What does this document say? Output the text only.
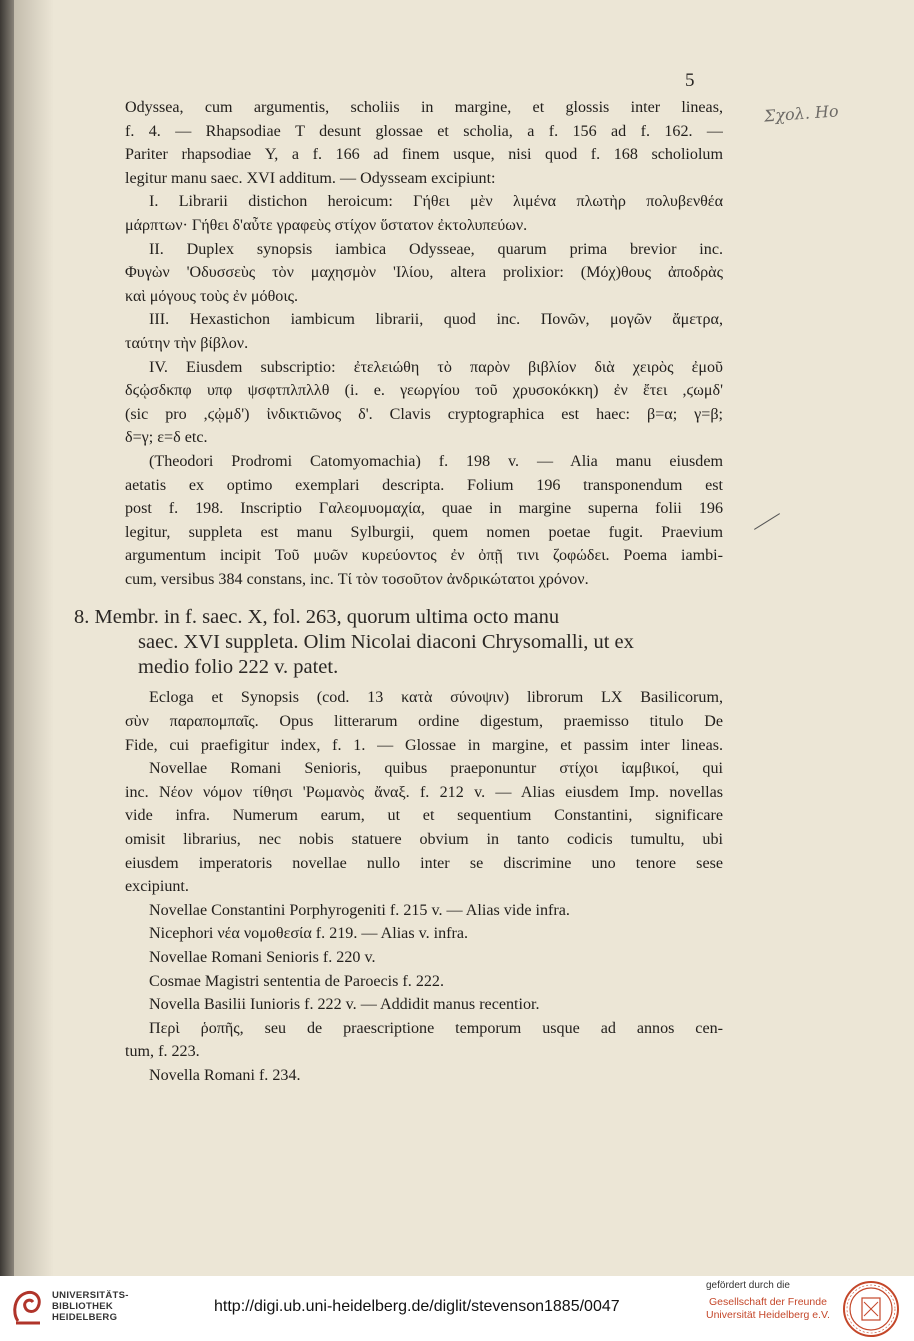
5
Σχολ. Ηο
Odyssea, cum argumentis, scholiis in margine, et glossis inter lineas,
f. 4. — Rhapsodiae Τ desunt glossae et scholia, a f. 156 ad f. 162. —
Pariter rhapsodiae Υ, a f. 166 ad finem usque, nisi quod f. 168 scholiolum
legitur manu saec. XVI additum. — Odysseam excipiunt:
I. Librarii distichon heroicum: Γήθει μὲν λιμένα πλωτὴρ πολυβενθέα
μάρπτων· Γήθει δ'αὖτε γραφεὺς στίχον ὕστατον ἐκτολυπεύων.
II. Duplex synopsis iambica Odysseae, quarum prima brevior inc.
Φυγὼν 'Οδυσσεὺς τὸν μαχησμὸν 'Ιλίου, altera prolixior: (Μόχ)θους ἀποδρὰς
καὶ μόγους τοὺς ἐν μόθοις.
III. Hexastichon iambicum librarii, quod inc. Πονῶν, μογῶν ἄμετρα,
ταύτην τὴν βίβλον.
IV. Eiusdem subscriptio: ἐτελειώθη τὸ παρὸν βιβλίον διὰ χειρὸς ἐμοῦ
δϛᾠσδκπφ υπφ ψσφτπλπλλθ (i. e. γεωργίου τοῦ χρυσοκόκκη) ἐν ἔτει ,ϛωμδ'
(sic pro ,ϛᾠμδ') ἰνδικτιῶνος δ'. Clavis cryptographica est haec: β=α; γ=β;
δ=γ; ε=δ etc.
(Theodori Prodromi Catomyomachia) f. 198 v. — Alia manu eiusdem
aetatis ex optimo exemplari descripta. Folium 196 transponendum est
post f. 198. Inscriptio Γαλεομυομαχία, quae in margine superna folii 196
legitur, suppleta est manu Sylburgii, quem nomen poetae fugit. Praevium
argumentum incipit Τοῦ μυῶν κυρεύοντος ἐν ὀπῇ τινι ζοφώδει. Poema iambi-
cum, versibus 384 constans, inc. Τί τὸν τοσοῦτον ἀνδρικώτατοι χρόνον.
8. Membr. in f. saec. X, fol. 263, quorum ultima octo manu
saec. XVI suppleta. Olim Nicolai diaconi Chrysomalli, ut ex
medio folio 222 v. patet.
Ecloga et Synopsis (cod. 13 κατὰ σύνοψιν) librorum LX Basilicorum,
σὺν παραπομπαῖς. Opus litterarum ordine digestum, praemisso titulo De
Fide, cui praefigitur index, f. 1. — Glossae in margine, et passim inter lineas.
Novellae Romani Senioris, quibus praeponuntur στίχοι ἰαμβικοί, qui
inc. Νέον νόμον τίθησι 'Ρωμανὸς ἄναξ. f. 212 v. — Alias eiusdem Imp. novellas
vide infra. Numerum earum, ut et sequentium Constantini, significare
omisit librarius, nec nobis statuere obvium in tanto codicis tumultu, ubi
eiusdem imperatoris novellae nullo inter se discrimine uno tenore sese
excipiunt.
Novellae Constantini Porphyrogeniti f. 215 v. — Alias vide infra.
Nicephori νέα νομοθεσία f. 219. — Alias v. infra.
Novellae Romani Senioris f. 220 v.
Cosmae Magistri sententia de Paroecis f. 222.
Novella Basilii Iunioris f. 222 v. — Addidit manus recentior.
Περὶ ῥοπῆς, seu de praescriptione temporum usque ad annos cen-
tum, f. 223.
Novella Romani f. 234.
UNIVERSITÄTS-
BIBLIOTHEK
HEIDELBERG
http://digi.ub.uni-heidelberg.de/diglit/stevenson1885/0047
gefördert durch die
Gesellschaft der Freunde
Universität Heidelberg e.V.
